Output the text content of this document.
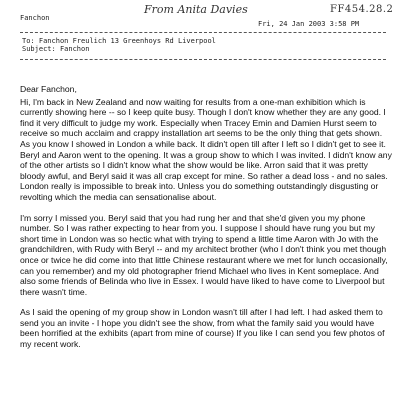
Fanchon
From Anita Davies	FF454.28.2
Fri, 24 Jan 2003 3:58 PM
To: Fanchon Freulich 13 Greenhoys Rd Liverpool
Subject: Fanchon

Dear Fanchon,

Hi, I'm back in New Zealand and now waiting for results from a one-man exhibition which is currently showing here -- so I keep quite busy. Though I don't know whether they are any good. I find it very difficult to judge my work. Especially when Tracey Emin and Damien Hurst seem to receive so much acclaim and crappy installation art seems to be the only thing that gets shown. As you know I showed in London a while back. It didn't open till after I left so I didn't get to see it. Beryl and Aaron went to the opening. It was a group show to which I was invited. I didn't know any of the other artists so I didn't know what the show would be like. Arron said that it was pretty bloody awful, and Beryl said it was all crap except for mine. So rather a dead loss - and no sales. London really is impossible to break into. Unless you do something outstandingly disgusting or revolting which the media can sensationalise about.

I'm sorry I missed you. Beryl said that you had rung her and that she'd given you my phone number. So I was rather expecting to hear from you. I suppose I should have rung you but my short time in London was so hectic what with trying to spend a little time Aaron with Jo with the grandchildren, with Rudy with Beryl -- and my architect brother (who I don't think you met though once or twice he did come into that little Chinese restaurant where we met for lunch occasionally, can you remember) and my old photographer friend Michael who lives in Kent someplace. And also some friends of Belinda who live in Essex. I would have liked to have come to Liverpool but there wasn't time.

As I said the opening of my group show in London wasn't till after I had left. I had asked them to send you an invite - I hope you didn't see the show, from what the family said you would have been horrified at the exhibits (apart from mine of course) If you like I can send you few photos of my recent work.
